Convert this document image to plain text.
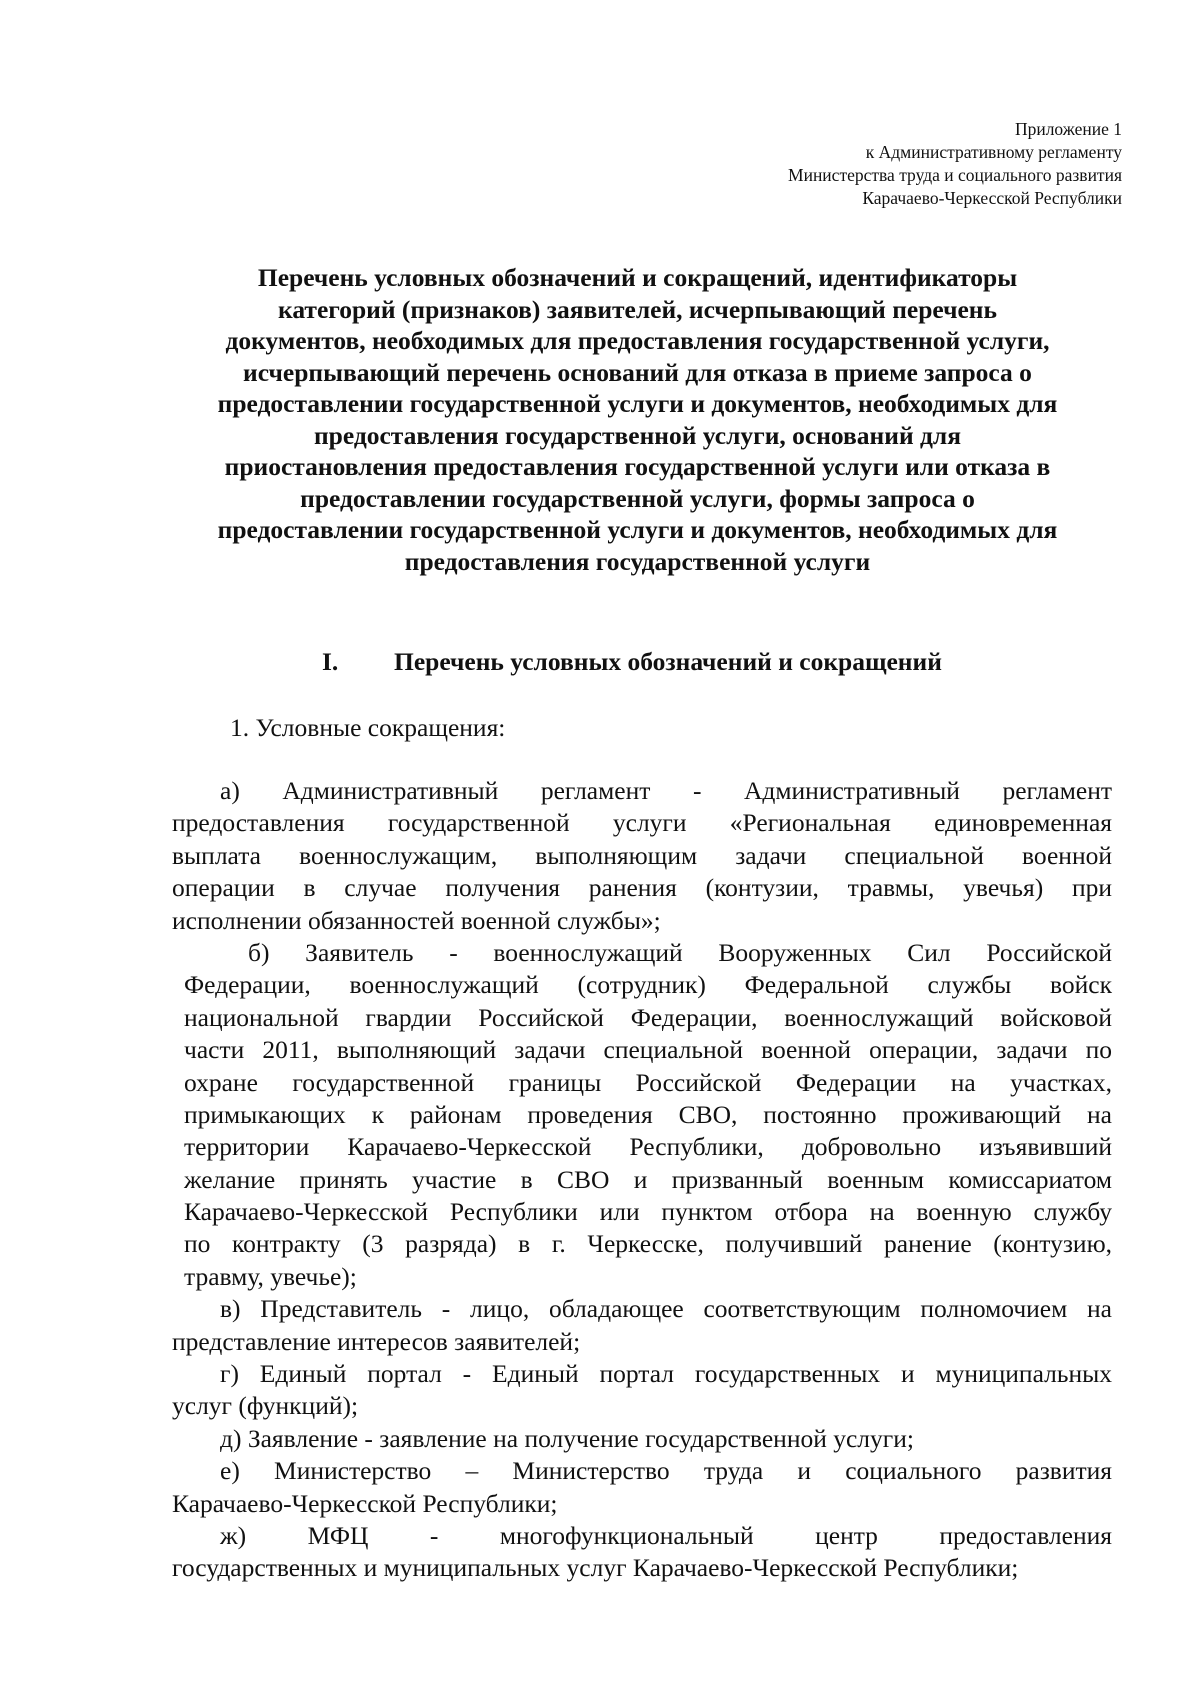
Приложение 1
к Административному регламенту
Министерства труда и социального развития
Карачаево-Черкесской Республики
Перечень условных обозначений и сокращений, идентификаторы
категорий (признаков) заявителей, исчерпывающий перечень
документов, необходимых для предоставления государственной услуги,
исчерпывающий перечень оснований для отказа в приеме запроса о
предоставлении государственной услуги и документов, необходимых для
предоставления государственной услуги, оснований для
приостановления предоставления государственной услуги или отказа в
предоставлении государственной услуги, формы запроса о
предоставлении государственной услуги и документов, необходимых для
предоставления государственной услуги
I. Перечень условных обозначений и сокращений
1. Условные сокращения:
а) Административный регламент - Административный регламент
предоставления государственной услуги «Региональная единовременная
выплата военнослужащим, выполняющим задачи специальной военной
операции в случае получения ранения (контузии, травмы, увечья) при
исполнении обязанностей военной службы»;
б) Заявитель - военнослужащий Вооруженных Сил Российской
Федерации, военнослужащий (сотрудник) Федеральной службы войск
национальной гвардии Российской Федерации, военнослужащий войсковой
части 2011, выполняющий задачи специальной военной операции, задачи по
охране государственной границы Российской Федерации на участках,
примыкающих к районам проведения СВО, постоянно проживающий на
территории Карачаево-Черкесской Республики, добровольно изъявивший
желание принять участие в СВО и призванный военным комиссариатом
Карачаево-Черкесской Республики или пунктом отбора на военную службу
по контракту (3 разряда) в г. Черкесске, получивший ранение (контузию,
травму, увечье);
в) Представитель - лицо, обладающее соответствующим полномочием на
представление интересов заявителей;
г) Единый портал - Единый портал государственных и муниципальных
услуг (функций);
д) Заявление - заявление на получение государственной услуги;
е) Министерство – Министерство труда и социального развития
Карачаево-Черкесской Республики;
ж) МФЦ - многофункциональный центр предоставления
государственных и муниципальных услуг Карачаево-Черкесской Республики;
